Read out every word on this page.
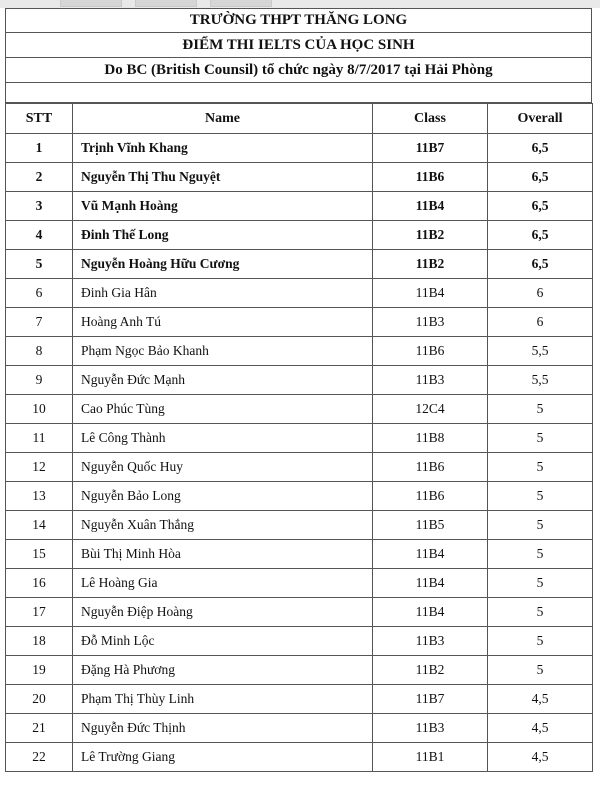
TRƯỜNG THPT THĂNG LONG
ĐIỂM THI IELTS CỦA HỌC SINH
Do BC (British Counsil) tổ chức ngày 8/7/2017 tại Hải Phòng
STT	Name	Class	Overall
1	Trịnh Vĩnh Khang	11B7	6,5
2	Nguyễn Thị Thu Nguyệt	11B6	6,5
3	Vũ Mạnh Hoàng	11B4	6,5
4	Đinh Thế Long	11B2	6,5
5	Nguyễn Hoàng Hữu Cương	11B2	6,5
6	Đinh Gia Hân	11B4	6
7	Hoàng Anh Tú	11B3	6
8	Phạm Ngọc Bảo Khanh	11B6	5,5
9	Nguyễn Đức Mạnh	11B3	5,5
10	Cao Phúc Tùng	12C4	5
11	Lê Công Thành	11B8	5
12	Nguyễn Quốc Huy	11B6	5
13	Nguyễn Bảo Long	11B6	5
14	Nguyễn Xuân Thắng	11B5	5
15	Bùi Thị Minh Hòa	11B4	5
16	Lê Hoàng Gia	11B4	5
17	Nguyễn Điệp Hoàng	11B4	5
18	Đỗ Minh Lộc	11B3	5
19	Đặng Hà Phương	11B2	5
20	Phạm Thị Thùy Linh	11B7	4,5
21	Nguyễn Đức Thịnh	11B3	4,5
22	Lê Trường Giang	11B1	4,5
